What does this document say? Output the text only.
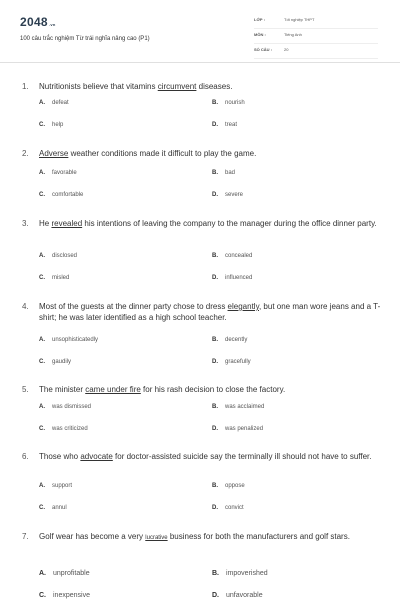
2048.vn
100 câu trắc nghiệm Từ trái nghĩa nâng cao (P1)
LỚP :	Tốt nghiệp THPT
MÔN :	Tiếng Anh
SỐ CÂU :	20
1. Nutritionists believe that vitamins circumvent diseases.
A. defeat	B. nourish
C. help	D. treat
2. Adverse weather conditions made it difficult to play the game.
A. favorable	B. bad
C. comfortable	D. severe
3. He revealed his intentions of leaving the company to the manager during the office dinner party.
A. disclosed	B. concealed
C. misled	D. influenced
4. Most of the guests at the dinner party chose to dress elegantly, but one man wore jeans and a T-shirt; he was later identified as a high school teacher.
A. unsophisticatedly	B. decently
C. gaudily	D. gracefully
5. The minister came under fire for his rash decision to close the factory.
A. was dismissed	B. was acclaimed
C. was criticized	D. was penalized
6. Those who advocate for doctor-assisted suicide say the terminally ill should not have to suffer.
A. support	B. oppose
C. annul	D. convict
7. Golf wear has become a very lucrative business for both the manufacturers and golf stars.
A. unprofitable	B. impoverished
C. inexpensive	D. unfavorable
